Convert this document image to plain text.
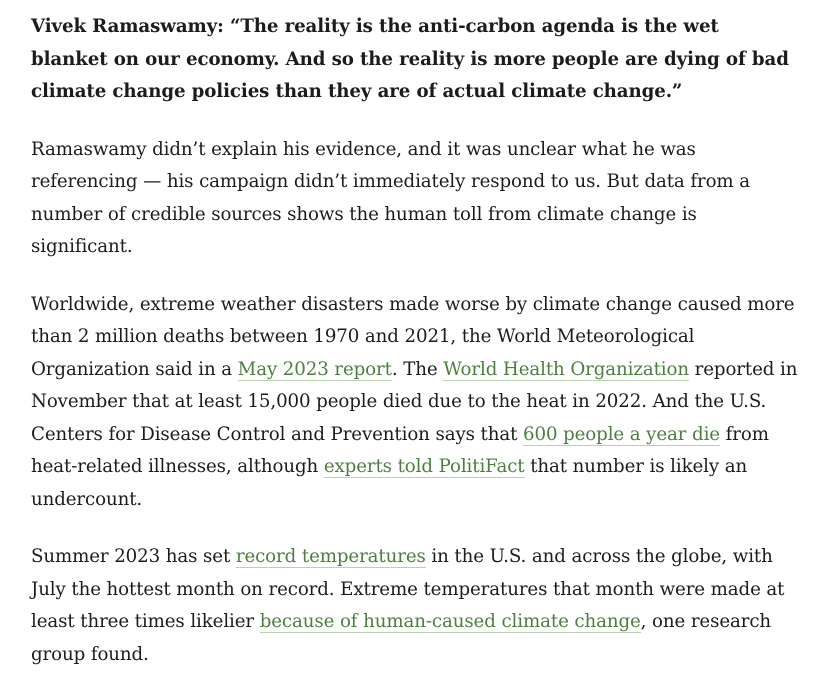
Vivek Ramaswamy: “The reality is the anti-carbon agenda is the wet blanket on our economy. And so the reality is more people are dying of bad climate change policies than they are of actual climate change.”

Ramaswamy didn’t explain his evidence, and it was unclear what he was referencing — his campaign didn’t immediately respond to us. But data from a number of credible sources shows the human toll from climate change is significant.

Worldwide, extreme weather disasters made worse by climate change caused more than 2 million deaths between 1970 and 2021, the World Meteorological Organization said in a May 2023 report. The World Health Organization reported in November that at least 15,000 people died due to the heat in 2022. And the U.S. Centers for Disease Control and Prevention says that 600 people a year die from heat-related illnesses, although experts told PolitiFact that number is likely an undercount.

Summer 2023 has set record temperatures in the U.S. and across the globe, with July the hottest month on record. Extreme temperatures that month were made at least three times likelier because of human-caused climate change, one research group found.
